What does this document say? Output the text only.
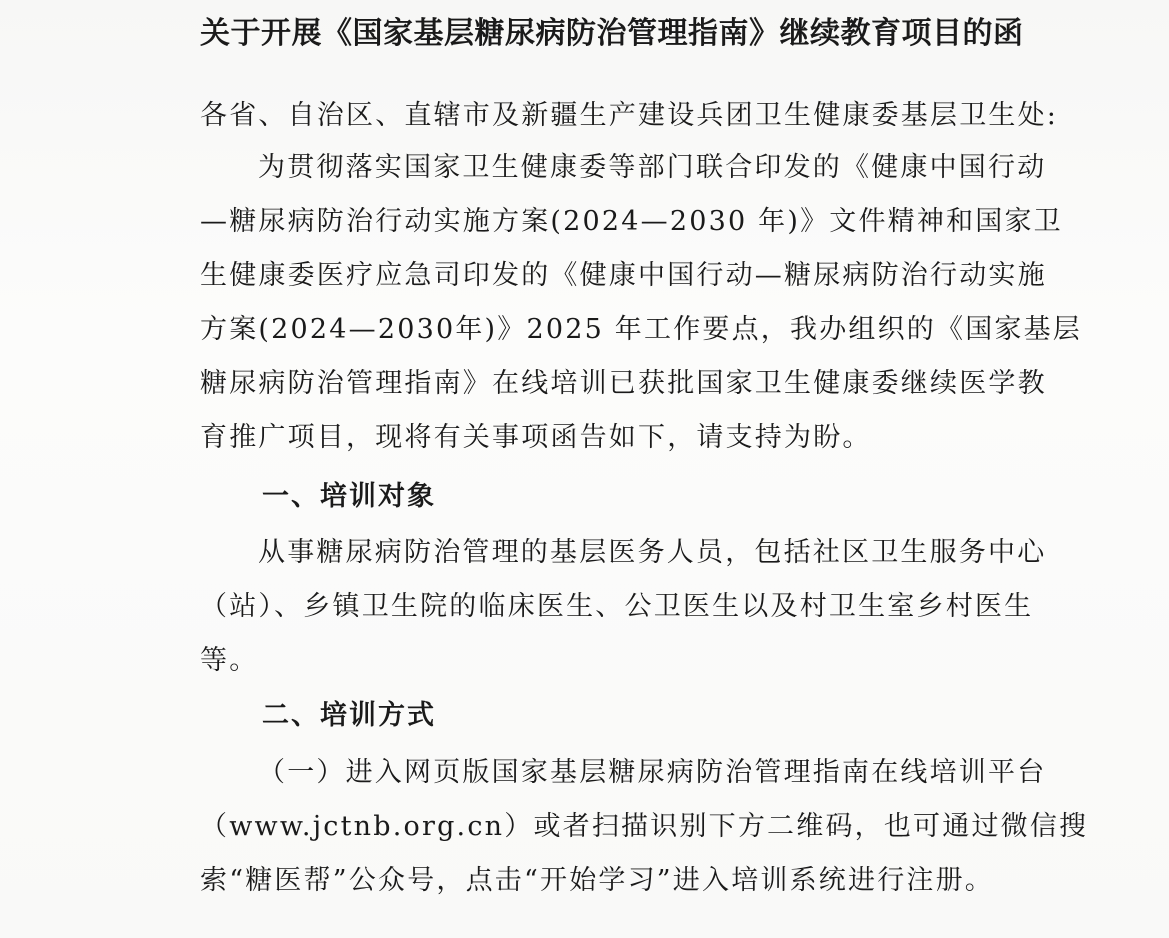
关于开展《国家基层糖尿病防治管理指南》继续教育项目的函
各省、自治区、直辖市及新疆生产建设兵团卫生健康委基层卫生处:
为贯彻落实国家卫生健康委等部门联合印发的《健康中国行动
—糖尿病防治行动实施方案(2024—2030 年)》文件精神和国家卫
生健康委医疗应急司印发的《健康中国行动—糖尿病防治行动实施
方案(2024—2030年)》2025 年工作要点，我办组织的《国家基层
糖尿病防治管理指南》在线培训已获批国家卫生健康委继续医学教
育推广项目，现将有关事项函告如下，请支持为盼。
一、培训对象
从事糖尿病防治管理的基层医务人员，包括社区卫生服务中心
（站）、乡镇卫生院的临床医生、公卫医生以及村卫生室乡村医生
等。
二、培训方式
（一）进入网页版国家基层糖尿病防治管理指南在线培训平台
（www.jctnb.org.cn）或者扫描识别下方二维码，也可通过微信搜
索“糖医帮”公众号，点击“开始学习”进入培训系统进行注册。
